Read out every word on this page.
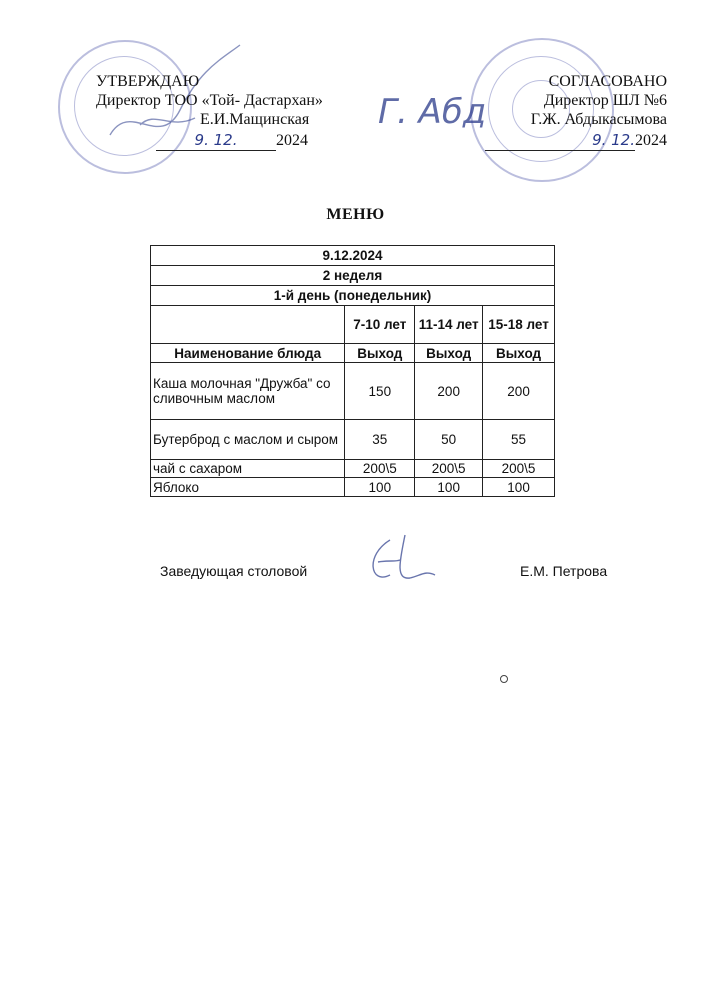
УТВЕРЖДАЮ
Директор ТОО «Той- Дастархан»
Е.И.Мащинская
9. 12. 2024
Г. Абд
СОГЛАСОВАНО
Директор ШЛ №6
Г.Ж. Абдыкасымова
9. 12.2024
МЕНЮ
9.12.2024			
2 неделя			
1-й день (понедельник)			
	7-10 лет	11-14 лет	15-18 лет
Наименование блюда	Выход	Выход	Выход
Каша молочная "Дружба" со сливочным маслом	150	200	200
Бутерброд с маслом и сыром	35	50	55
чай с сахаром	200\5	200\5	200\5
Яблоко	100	100	100
Заведующая столовой	Е.М. Петрова
